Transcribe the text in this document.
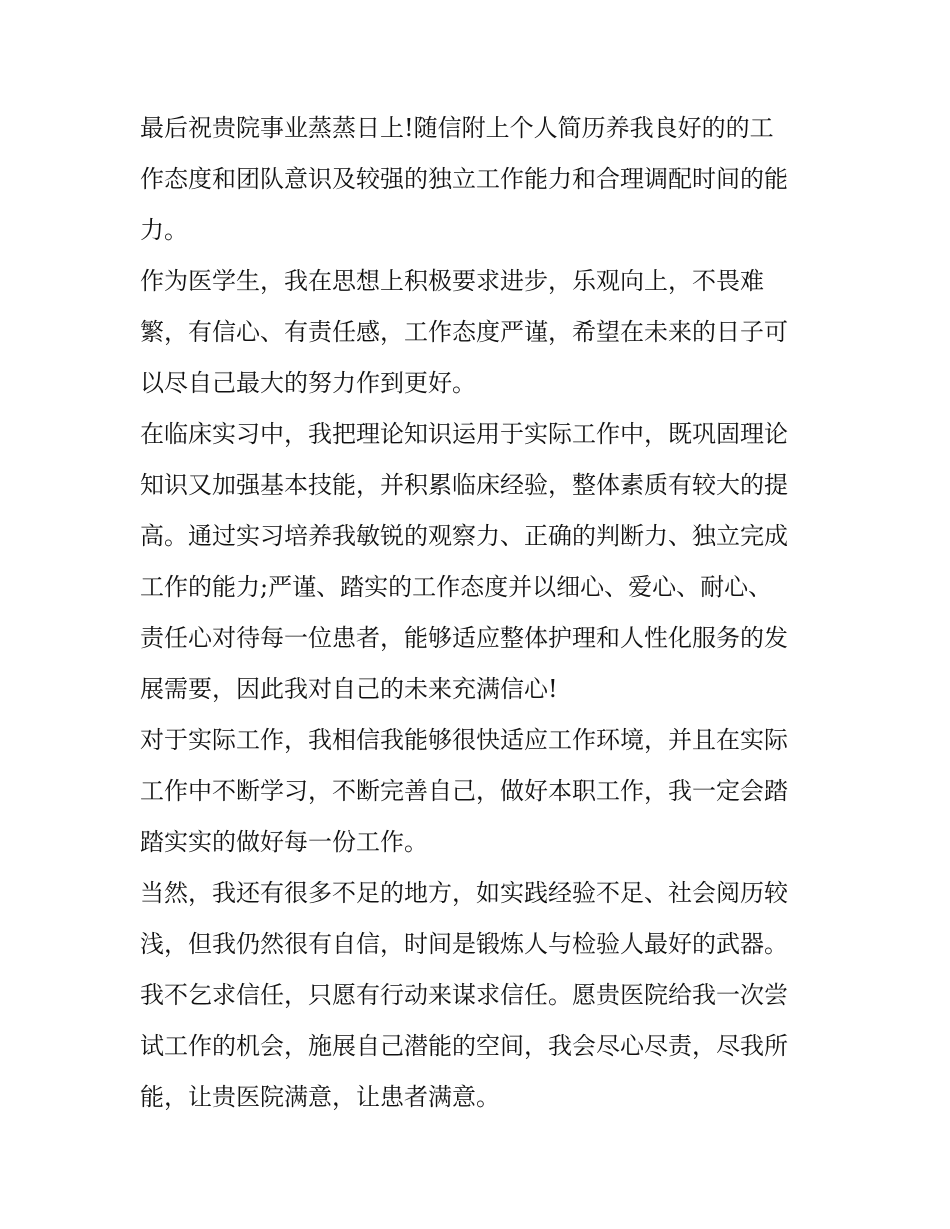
最后祝贵院事业蒸蒸日上!随信附上个人简历养我良好的的工
作态度和团队意识及较强的独立工作能力和合理调配时间的能
力。
作为医学生，我在思想上积极要求进步，乐观向上，不畏难
繁，有信心、有责任感，工作态度严谨，希望在未来的日子可
以尽自己最大的努力作到更好。
在临床实习中，我把理论知识运用于实际工作中，既巩固理论
知识又加强基本技能，并积累临床经验，整体素质有较大的提
高。通过实习培养我敏锐的观察力、正确的判断力、独立完成
工作的能力;严谨、踏实的工作态度并以细心、爱心、耐心、
责任心对待每一位患者，能够适应整体护理和人性化服务的发
展需要，因此我对自己的未来充满信心!
对于实际工作，我相信我能够很快适应工作环境，并且在实际
工作中不断学习，不断完善自己，做好本职工作，我一定会踏
踏实实的做好每一份工作。
当然，我还有很多不足的地方，如实践经验不足、社会阅历较
浅，但我仍然很有自信，时间是锻炼人与检验人最好的武器。
我不乞求信任，只愿有行动来谋求信任。愿贵医院给我一次尝
试工作的机会，施展自己潜能的空间，我会尽心尽责，尽我所
能，让贵医院满意，让患者满意。
